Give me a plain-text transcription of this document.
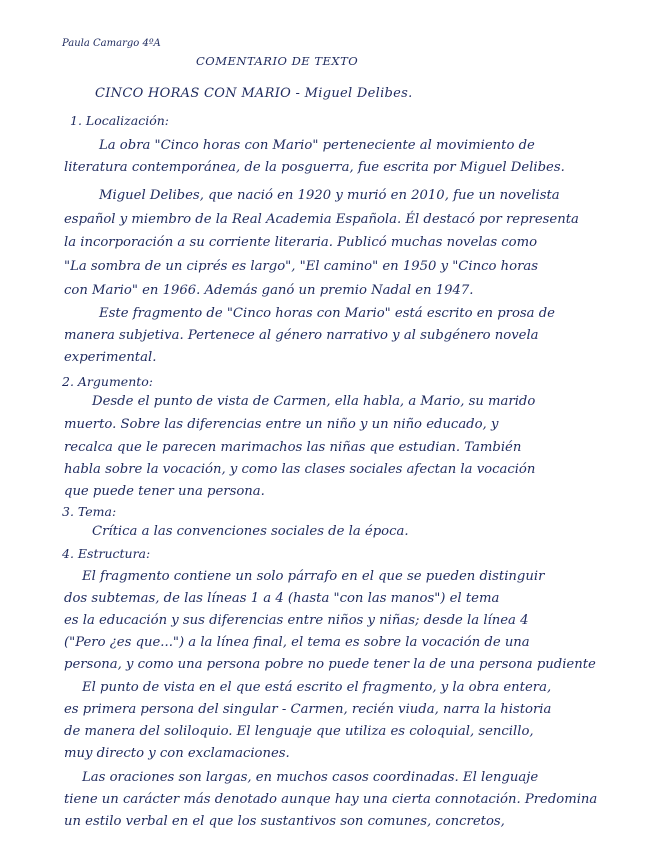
Paula Camargo 4ºA
COMENTARIO DE TEXTO
CINCO HORAS CON MARIO - Miguel Delibes.
1. Localización:
La obra "Cinco horas con Mario" perteneciente al movimiento de
literatura contemporánea, de la posguerra, fue escrita por Miguel Delibes.
Miguel Delibes, que nació en 1920 y murió en 2010, fue un novelista
español y miembro de la Real Academia Española. Él destacó por representa
la incorporación a su corriente literaria. Publicó muchas novelas como
"La sombra de un ciprés es largo", "El camino" en 1950 y "Cinco horas
con Mario" en 1966. Además ganó un premio Nadal en 1947.
Este fragmento de "Cinco horas con Mario" está escrito en prosa de
manera subjetiva. Pertenece al género narrativo y al subgénero novela
experimental.
2. Argumento:
Desde el punto de vista de Carmen, ella habla, a Mario, su marido
muerto. Sobre las diferencias entre un niño y un niño educado, y
recalca que le parecen marimachos las niñas que estudian. También
habla sobre la vocación, y como las clases sociales afectan la vocación
que puede tener una persona.
3. Tema:
Crítica a las convenciones sociales de la época.
4. Estructura:
El fragmento contiene un solo párrafo en el que se pueden distinguir
dos subtemas, de las líneas 1 a 4 (hasta "con las manos") el tema
es la educación y sus diferencias entre niños y niñas; desde la línea 4
("Pero ¿es que...") a la línea final, el tema es sobre la vocación de una
persona, y como una persona pobre no puede tener la de una persona pudiente
El punto de vista en el que está escrito el fragmento, y la obra entera,
es primera persona del singular - Carmen, recién viuda, narra la historia
de manera del soliloquio. El lenguaje que utiliza es coloquial, sencillo,
muy directo y con exclamaciones.
Las oraciones son largas, en muchos casos coordinadas. El lenguaje
tiene un carácter más denotado aunque hay una cierta connotación. Predomina
un estilo verbal en el que los sustantivos son comunes, concretos,
